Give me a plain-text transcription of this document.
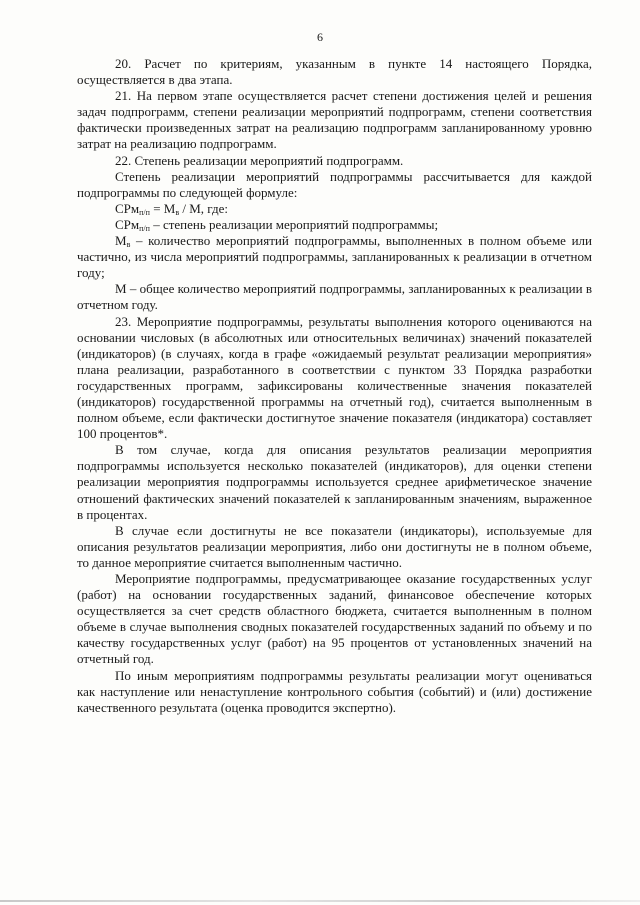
6

20. Расчет по критериям, указанным в пункте 14 настоящего Порядка, осуществляется в два этапа.

21. На первом этапе осуществляется расчет степени достижения целей и решения задач подпрограмм, степени реализации мероприятий подпрограмм, степени соответствия фактически произведенных затрат на реализацию подпрограмм запланированному уровню затрат на реализацию подпрограмм.

22. Степень реализации мероприятий подпрограмм.

Степень реализации мероприятий подпрограммы рассчитывается для каждой подпрограммы по следующей формуле:

$СРм_{п/п} = М_в / М$, где:

СРм$_{п/п}$ – степень реализации мероприятий подпрограммы;

$М_в$ – количество мероприятий подпрограммы, выполненных в полном объеме или частично, из числа мероприятий подпрограммы, запланированных к реализации в отчетном году;

М – общее количество мероприятий подпрограммы, запланированных к реализации в отчетном году.

23. Мероприятие подпрограммы, результаты выполнения которого оцениваются на основании числовых (в абсолютных или относительных величинах) значений показателей (индикаторов) (в случаях, когда в графе «ожидаемый результат реализации мероприятия» плана реализации, разработанного в соответствии с пунктом 33 Порядка разработки государственных программ, зафиксированы количественные значения показателей (индикаторов) государственной программы на отчетный год), считается выполненным в полном объеме, если фактически достигнутое значение показателя (индикатора) составляет 100 процентов*.

В том случае, когда для описания результатов реализации мероприятия подпрограммы используется несколько показателей (индикаторов), для оценки степени реализации мероприятия подпрограммы используется среднее арифметическое значение отношений фактических значений показателей к запланированным значениям, выраженное в процентах.

В случае если достигнуты не все показатели (индикаторы), используемые для описания результатов реализации мероприятия, либо они достигнуты не в полном объеме, то данное мероприятие считается выполненным частично.

Мероприятие подпрограммы, предусматривающее оказание государственных услуг (работ) на основании государственных заданий, финансовое обеспечение которых осуществляется за счет средств областного бюджета, считается выполненным в полном объеме в случае выполнения сводных показателей государственных заданий по объему и по качеству государственных услуг (работ) на 95 процентов от установленных значений на отчетный год.

По иным мероприятиям подпрограммы результаты реализации могут оцениваться как наступление или ненаступление контрольного события (событий) и (или) достижение качественного результата (оценка проводится экспертно).
